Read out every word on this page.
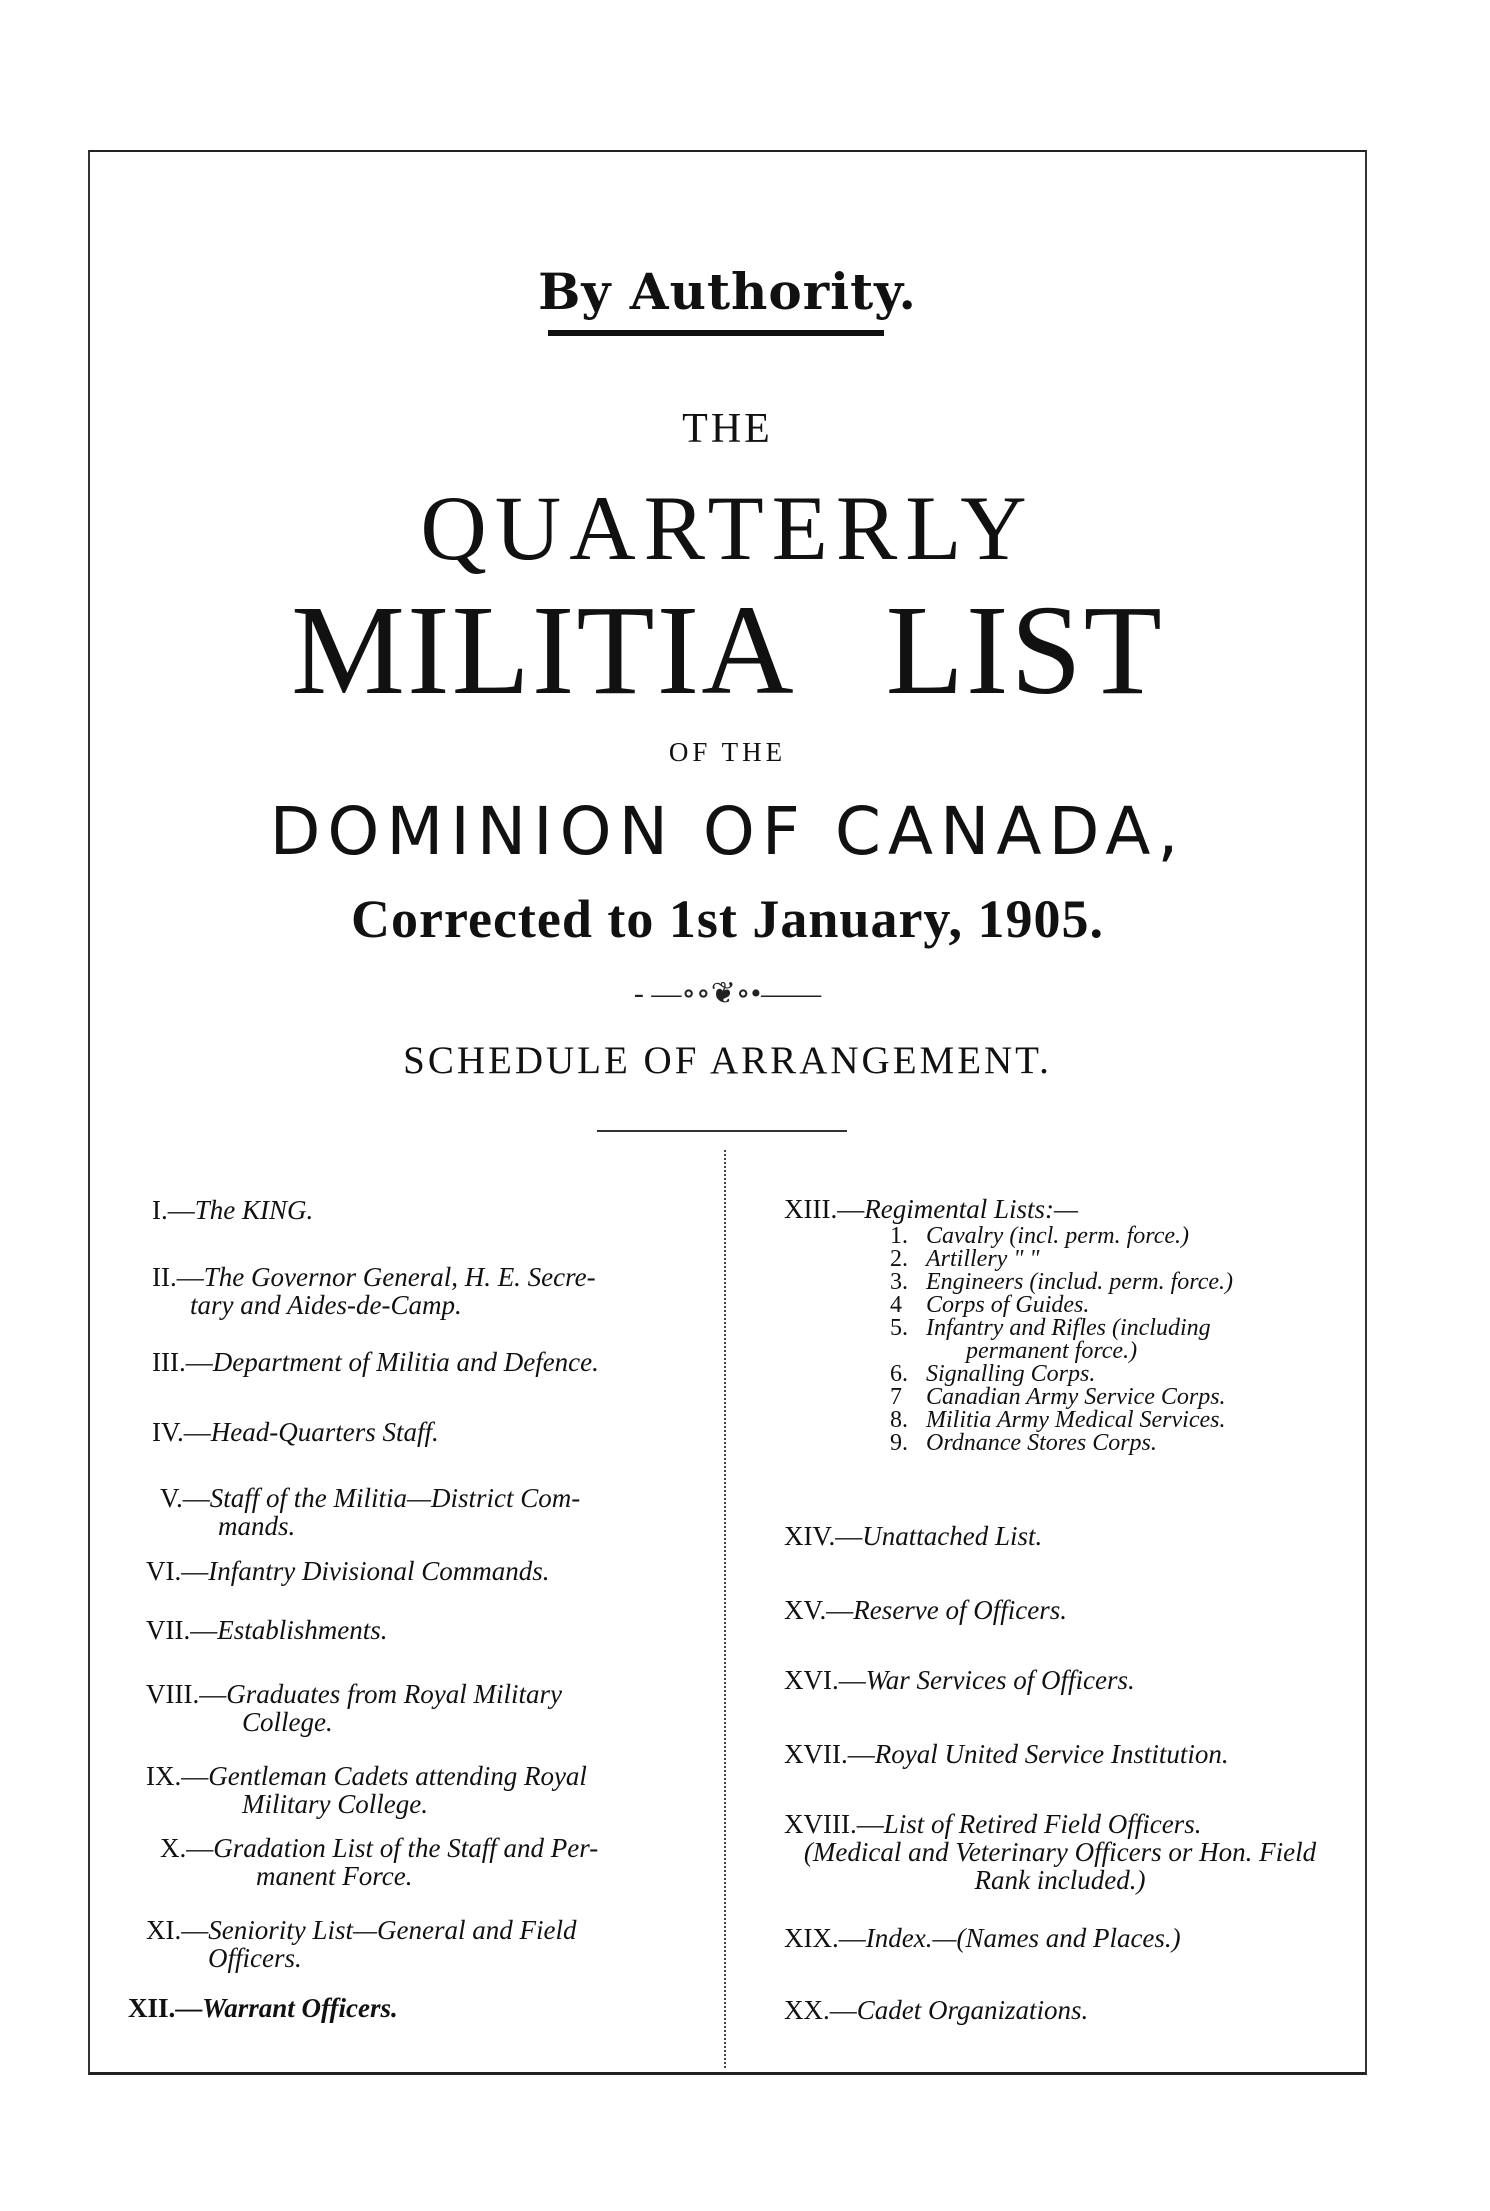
By Authority.
THE
QUARTERLY
MILITIA LIST
OF THE
DOMINION OF CANADA,
Corrected to 1st January, 1905.
- —∘∘❦∘•——
SCHEDULE OF ARRANGEMENT.
I.—The KING.
II.—The Governor General, H. E. Secre-
tary and Aides-de-Camp.
III.—Department of Militia and Defence.
IV.—Head-Quarters Staff.
V.—Staff of the Militia—District Com-
mands.
VI.—Infantry Divisional Commands.
VII.—Establishments.
VIII.—Graduates from Royal Military
College.
IX.—Gentleman Cadets attending Royal
Military College.
X.—Gradation List of the Staff and Per-
manent Force.
XI.—Seniority List—General and Field
Officers.
XII.—Warrant Officers.
XIII.—Regimental Lists:—
1. Cavalry (incl. perm. force.)
2. Artillery " "
3. Engineers (includ. perm. force.)
4 Corps of Guides.
5. Infantry and Rifles (including
permanent force.)
6. Signalling Corps.
7 Canadian Army Service Corps.
8. Militia Army Medical Services.
9. Ordnance Stores Corps.
XIV.—Unattached List.
XV.—Reserve of Officers.
XVI.—War Services of Officers.
XVII.—Royal United Service Institution.
XVIII.—List of Retired Field Officers.
(Medical and Veterinary Officers or Hon. Field Rank included.)
XIX.—Index.—(Names and Places.)
XX.—Cadet Organizations.
